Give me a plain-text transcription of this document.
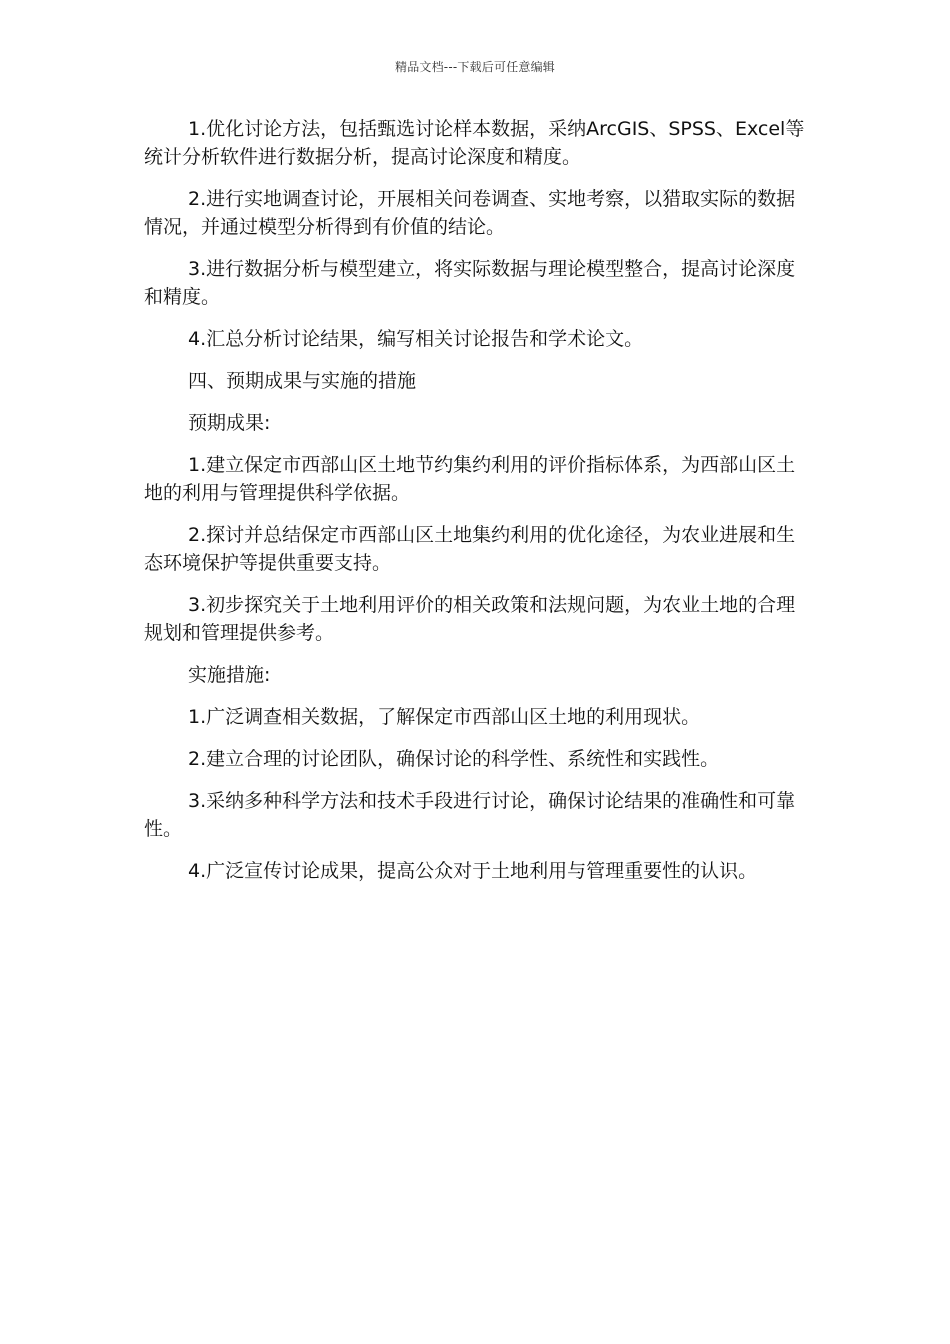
精品文档---下载后可任意编辑

1.优化讨论方法，包括甄选讨论样本数据，采纳ArcGIS、SPSS、Excel等统计分析软件进行数据分析，提高讨论深度和精度。

2.进行实地调查讨论，开展相关问卷调查、实地考察，以猎取实际的数据情况，并通过模型分析得到有价值的结论。

3.进行数据分析与模型建立，将实际数据与理论模型整合，提高讨论深度和精度。

4.汇总分析讨论结果，编写相关讨论报告和学术论文。

四、预期成果与实施的措施

预期成果:

1.建立保定市西部山区土地节约集约利用的评价指标体系，为西部山区土地的利用与管理提供科学依据。

2.探讨并总结保定市西部山区土地集约利用的优化途径，为农业进展和生态环境保护等提供重要支持。

3.初步探究关于土地利用评价的相关政策和法规问题，为农业土地的合理规划和管理提供参考。

实施措施:

1.广泛调查相关数据，了解保定市西部山区土地的利用现状。

2.建立合理的讨论团队，确保讨论的科学性、系统性和实践性。

3.采纳多种科学方法和技术手段进行讨论，确保讨论结果的准确性和可靠性。

4.广泛宣传讨论成果，提高公众对于土地利用与管理重要性的认识。
